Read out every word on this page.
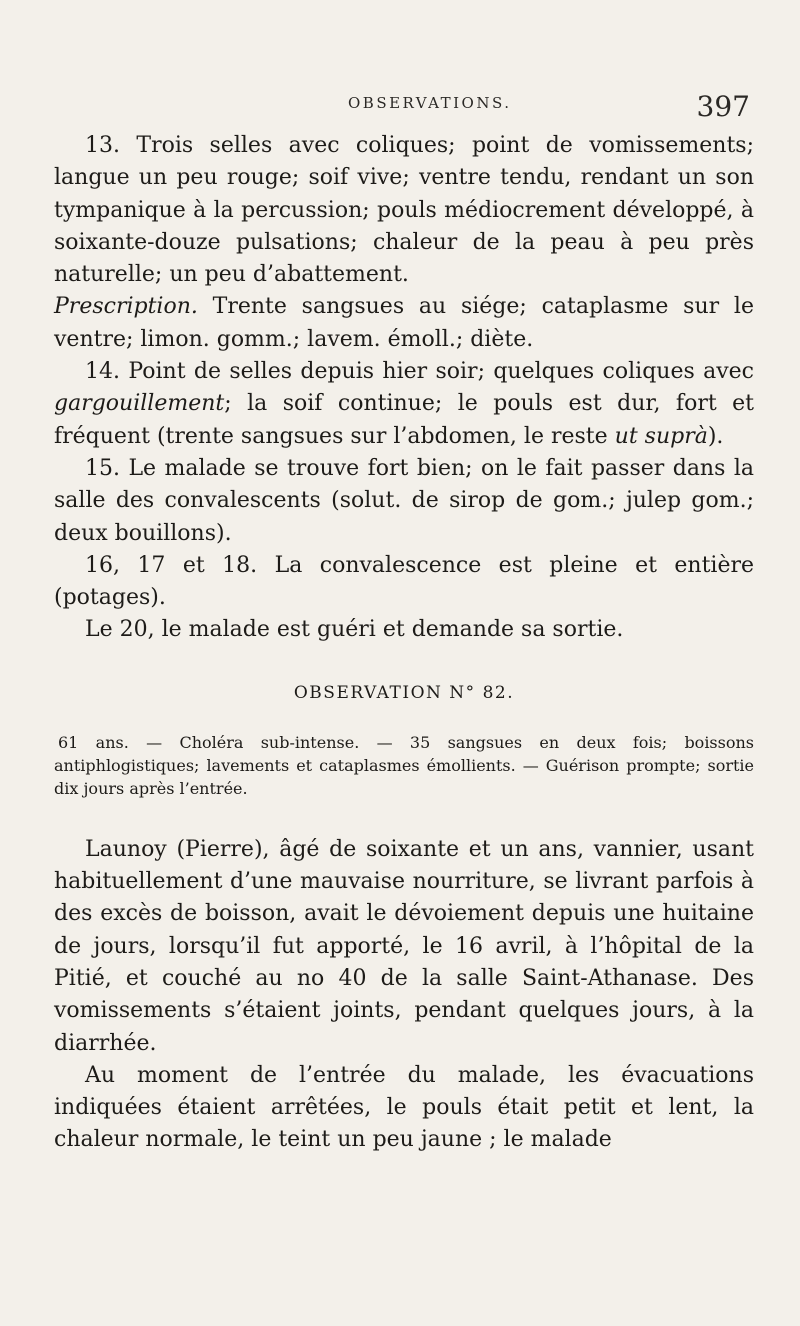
OBSERVATIONS.	397

13. Trois selles avec coliques; point de vomissements; langue un peu rouge; soif vive; ventre tendu, rendant un son tympanique à la percussion; pouls médiocrement développé, à soixante-douze pulsations; chaleur de la peau à peu près naturelle; un peu d’abattement.
Prescription. Trente sangsues au siége; cataplasme sur le ventre; limon. gomm.; lavem. émoll.; diète.

14. Point de selles depuis hier soir; quelques coliques avec gargouillement; la soif continue; le pouls est dur, fort et fréquent (trente sangsues sur l’abdomen, le reste ut suprà).

15. Le malade se trouve fort bien; on le fait passer dans la salle des convalescents (solut. de sirop de gom.; julep gom.; deux bouillons).

16, 17 et 18. La convalescence est pleine et entière (potages).

Le 20, le malade est guéri et demande sa sortie.

OBSERVATION N° 82.

61 ans. — Choléra sub-intense. — 35 sangsues en deux fois; boissons antiphlogistiques; lavements et cataplasmes émollients. — Guérison prompte; sortie dix jours après l’entrée.

Launoy (Pierre), âgé de soixante et un ans, vannier, usant habituellement d’une mauvaise nourriture, se livrant parfois à des excès de boisson, avait le dévoiement depuis une huitaine de jours, lorsqu’il fut apporté, le 16 avril, à l’hôpital de la Pitié, et couché au no 40 de la salle Saint-Athanase. Des vomissements s’étaient joints, pendant quelques jours, à la diarrhée.

Au moment de l’entrée du malade, les évacuations indiquées étaient arrêtées, le pouls était petit et lent, la chaleur normale, le teint un peu jaune ; le malade
